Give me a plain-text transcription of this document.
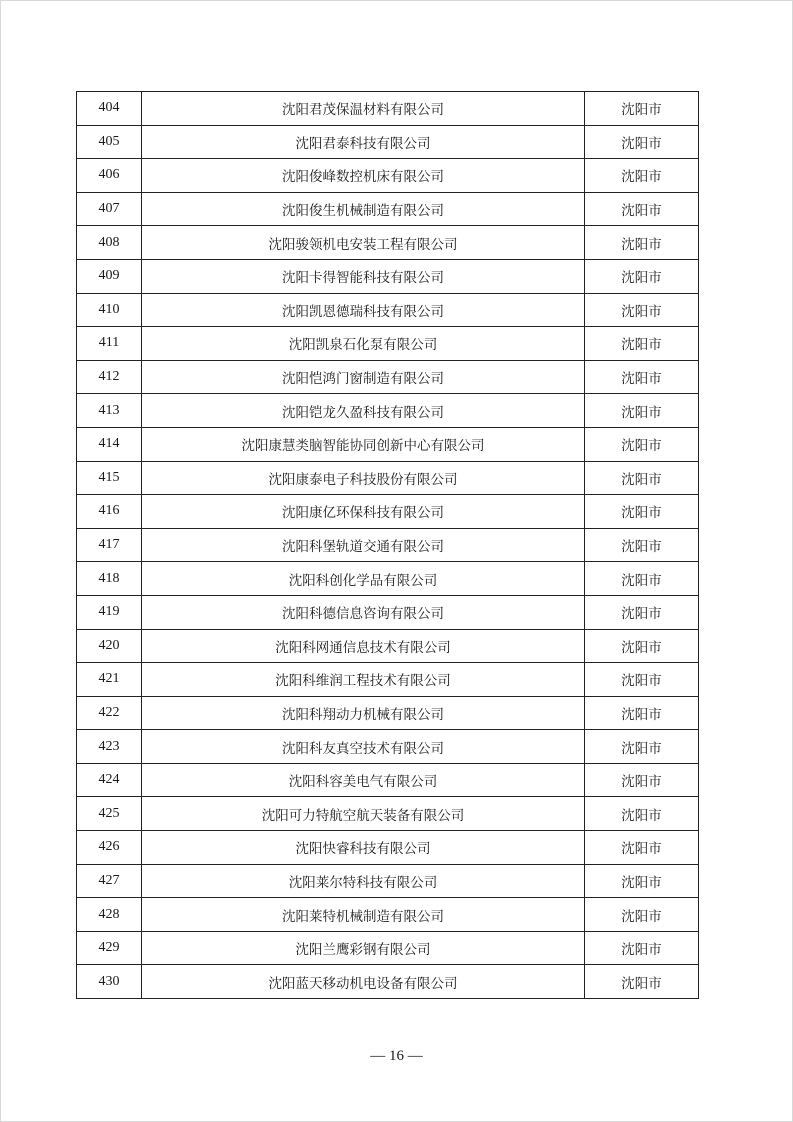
404	沈阳君茂保温材料有限公司	沈阳市
405	沈阳君泰科技有限公司	沈阳市
406	沈阳俊峰数控机床有限公司	沈阳市
407	沈阳俊生机械制造有限公司	沈阳市
408	沈阳骏领机电安装工程有限公司	沈阳市
409	沈阳卡得智能科技有限公司	沈阳市
410	沈阳凯恩德瑞科技有限公司	沈阳市
411	沈阳凯泉石化泵有限公司	沈阳市
412	沈阳恺鸿门窗制造有限公司	沈阳市
413	沈阳铠龙久盈科技有限公司	沈阳市
414	沈阳康慧类脑智能协同创新中心有限公司	沈阳市
415	沈阳康泰电子科技股份有限公司	沈阳市
416	沈阳康亿环保科技有限公司	沈阳市
417	沈阳科堡轨道交通有限公司	沈阳市
418	沈阳科创化学品有限公司	沈阳市
419	沈阳科德信息咨询有限公司	沈阳市
420	沈阳科网通信息技术有限公司	沈阳市
421	沈阳科维润工程技术有限公司	沈阳市
422	沈阳科翔动力机械有限公司	沈阳市
423	沈阳科友真空技术有限公司	沈阳市
424	沈阳科容美电气有限公司	沈阳市
425	沈阳可力特航空航天装备有限公司	沈阳市
426	沈阳快睿科技有限公司	沈阳市
427	沈阳莱尔特科技有限公司	沈阳市
428	沈阳莱特机械制造有限公司	沈阳市
429	沈阳兰鹰彩钢有限公司	沈阳市
430	沈阳蓝天移动机电设备有限公司	沈阳市
— 16 —
